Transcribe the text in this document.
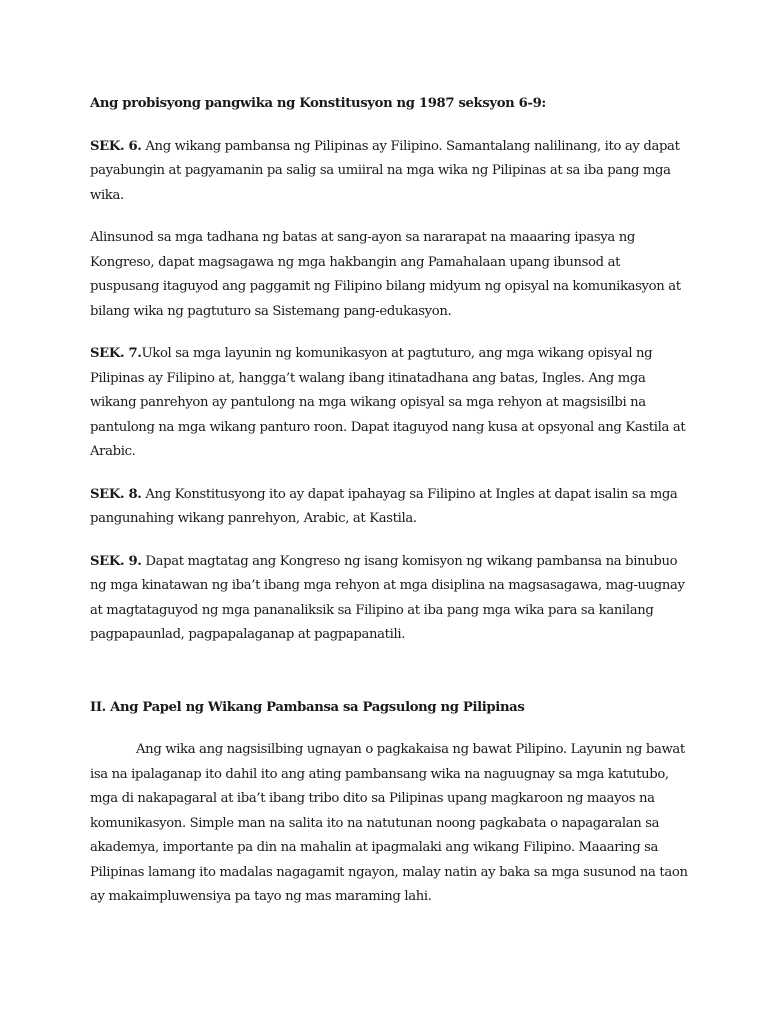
Ang probisyong pangwika ng Konstitusyon ng 1987 seksyon 6-9:

SEK. 6. Ang wikang pambansa ng Pilipinas ay Filipino. Samantalang nalilinang, ito ay dapat payabungin at pagyamanin pa salig sa umiiral na mga wika ng Pilipinas at sa iba pang mga wika.

Alinsunod sa mga tadhana ng batas at sang-ayon sa nararapat na maaaring ipasya ng Kongreso, dapat magsagawa ng mga hakbangin ang Pamahalaan upang ibunsod at puspusang itaguyod ang paggamit ng Filipino bilang midyum ng opisyal na komunikasyon at bilang wika ng pagtuturo sa Sistemang pang-edukasyon.

SEK. 7.Ukol sa mga layunin ng komunikasyon at pagtuturo, ang mga wikang opisyal ng Pilipinas ay Filipino at, hangga’t walang ibang itinatadhana ang batas, Ingles. Ang mga wikang panrehyon ay pantulong na mga wikang opisyal sa mga rehyon at magsisilbi na pantulong na mga wikang panturo roon. Dapat itaguyod nang kusa at opsyonal ang Kastila at Arabic.

SEK. 8. Ang Konstitusyong ito ay dapat ipahayag sa Filipino at Ingles at dapat isalin sa mga pangunahing wikang panrehyon, Arabic, at Kastila.

SEK. 9. Dapat magtatag ang Kongreso ng isang komisyon ng wikang pambansa na binubuo ng mga kinatawan ng iba’t ibang mga rehyon at mga disiplina na magsasagawa, mag-uugnay at magtataguyod ng mga pananaliksik sa Filipino at iba pang mga wika para sa kanilang pagpapaunlad, pagpapalaganap at pagpapanatili.

II. Ang Papel ng Wikang Pambansa sa Pagsulong ng Pilipinas

Ang wika ang nagsisilbing ugnayan o pagkakaisa ng bawat Pilipino. Layunin ng bawat isa na ipalaganap ito dahil ito ang ating pambansang wika na naguugnay sa mga katutubo, mga di nakapagaral at iba’t ibang tribo dito sa Pilipinas upang magkaroon ng maayos na komunikasyon. Simple man na salita ito na natutunan noong pagkabata o napagaralan sa akademya, importante pa din na mahalin at ipagmalaki ang wikang Filipino. Maaaring sa Pilipinas lamang ito madalas nagagamit ngayon, malay natin ay baka sa mga susunod na taon ay makaimpluwensiya pa tayo ng mas maraming lahi.
